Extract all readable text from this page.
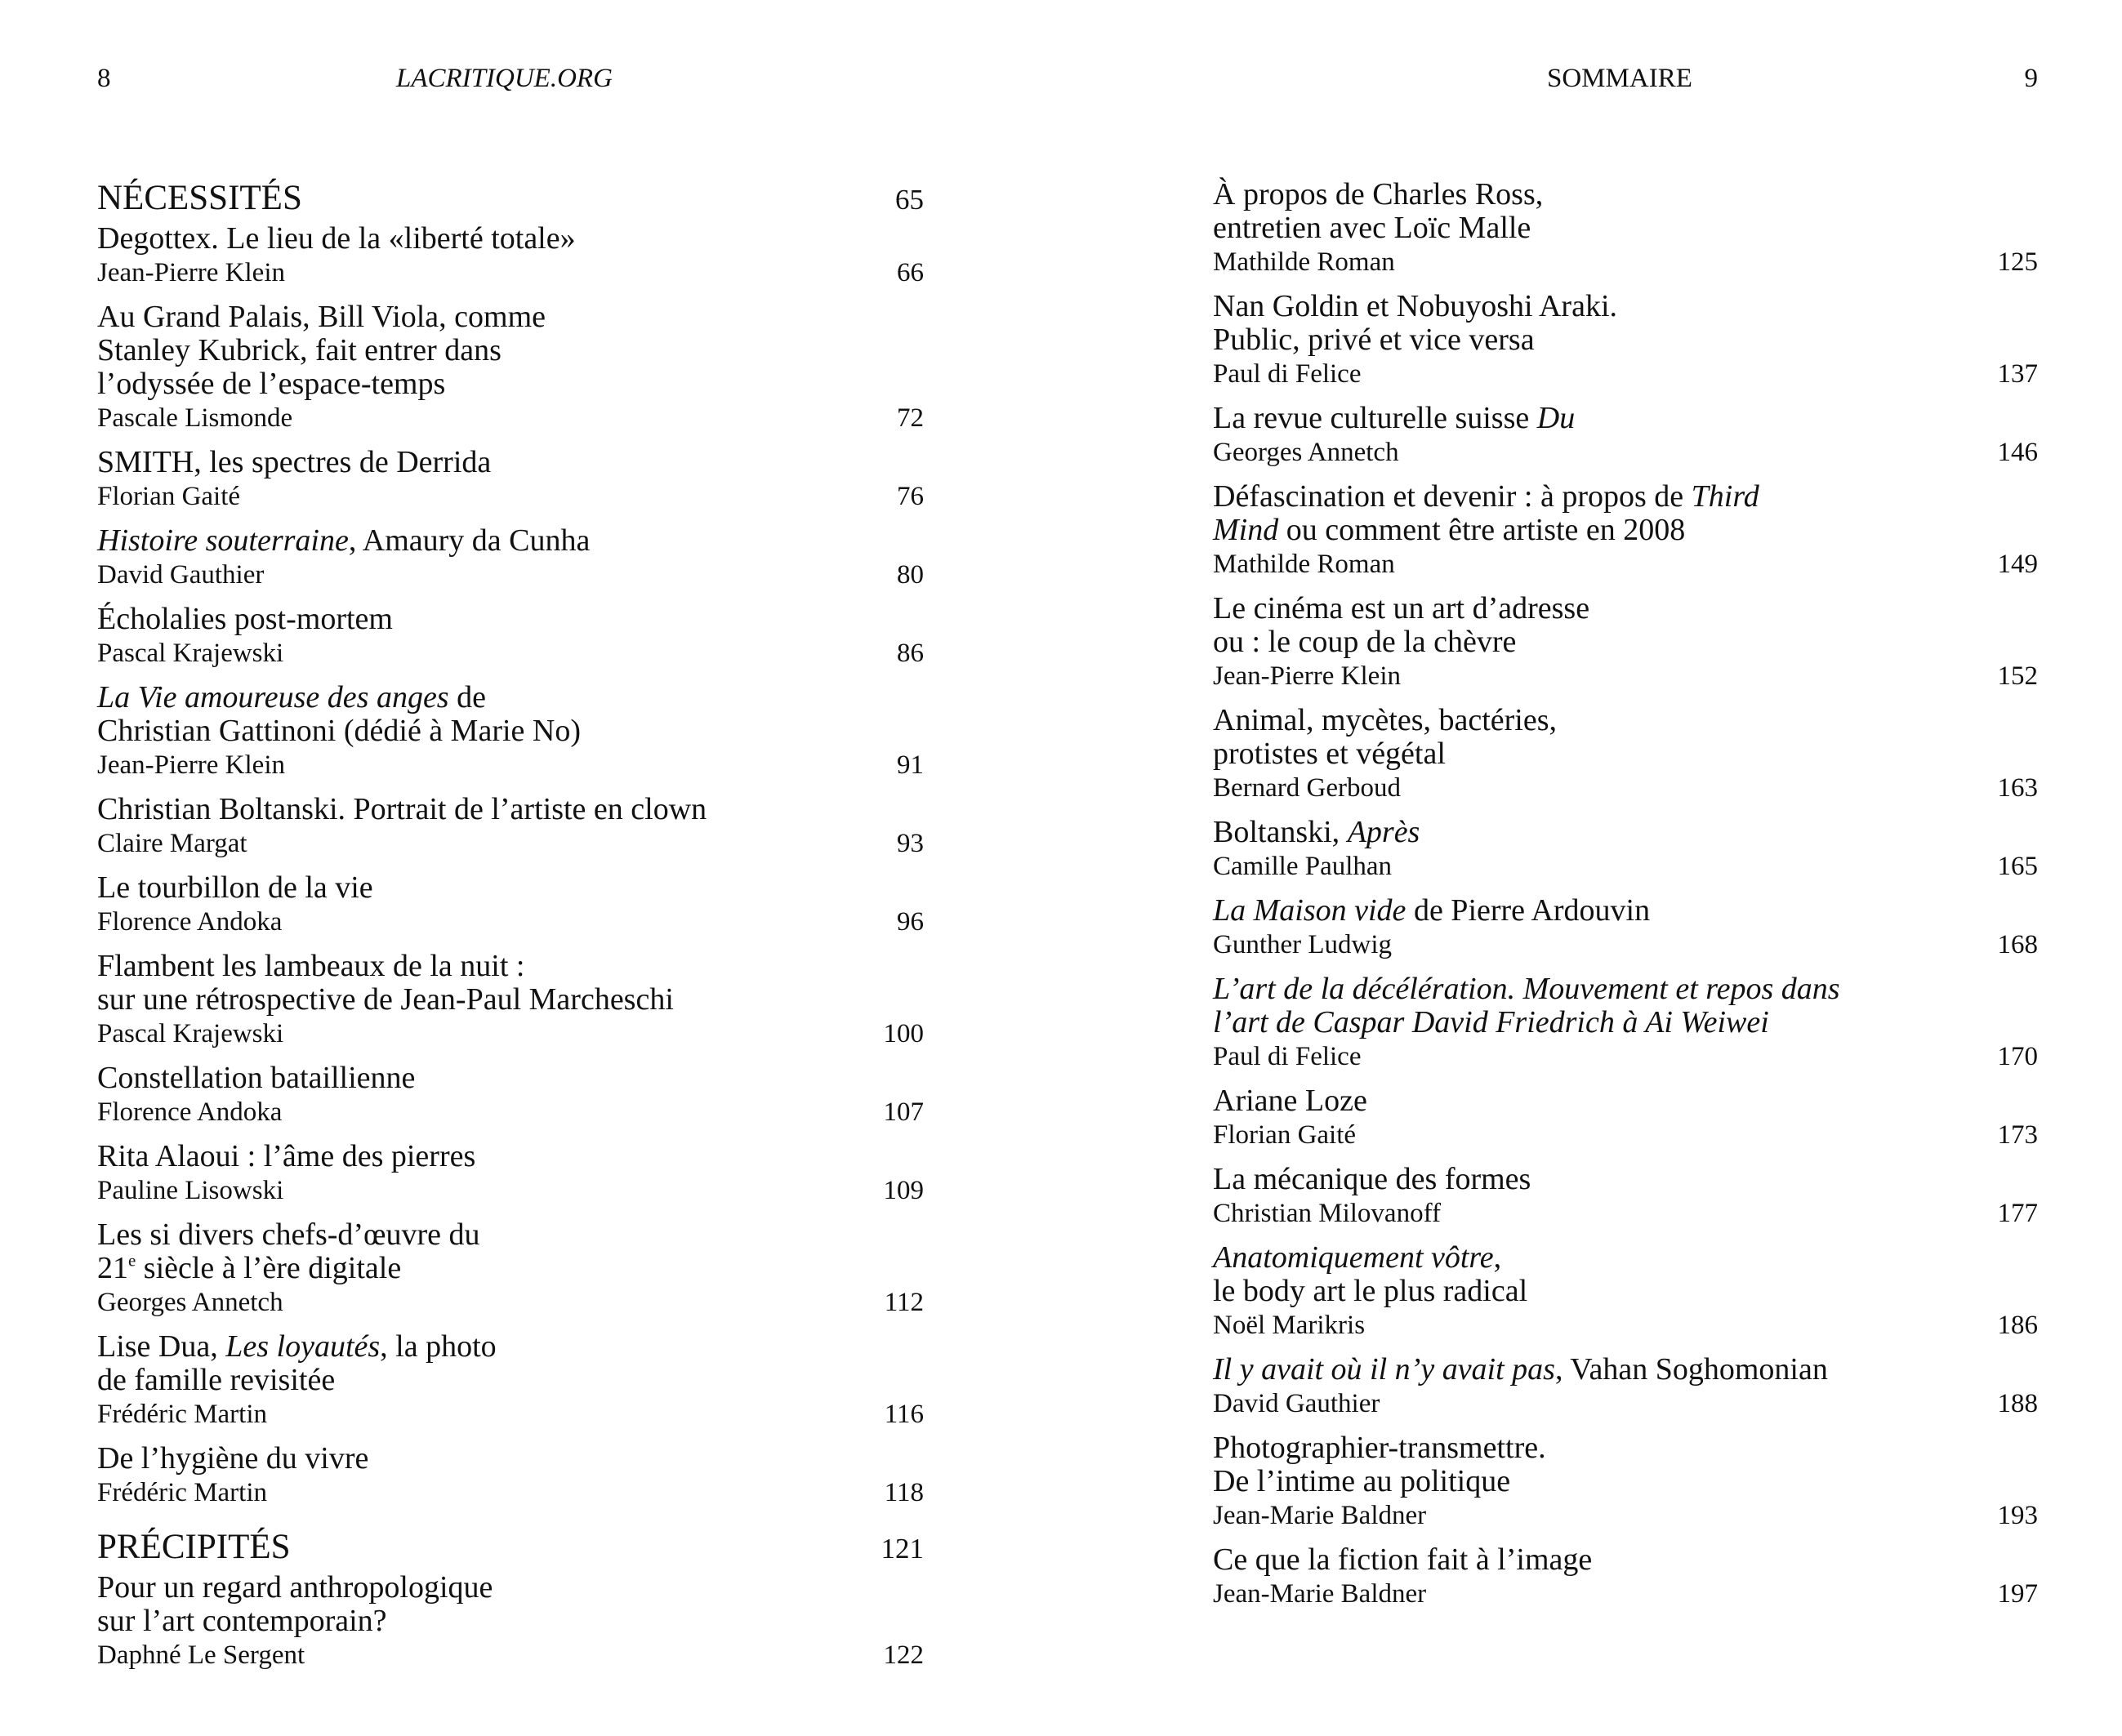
8	LACRITIQUE.ORG	SOMMAIRE	9
NÉCESSITÉS	65
Degottex. Le lieu de la «liberté totale»
Jean-Pierre Klein	66
Au Grand Palais, Bill Viola, comme
Stanley Kubrick, fait entrer dans
l’odyssée de l’espace-temps
Pascale Lismonde	72
SMITH, les spectres de Derrida
Florian Gaité	76
Histoire souterraine, Amaury da Cunha
David Gauthier	80
Écholalies post-mortem
Pascal Krajewski	86
La Vie amoureuse des anges de
Christian Gattinoni (dédié à Marie No)
Jean-Pierre Klein	91
Christian Boltanski. Portrait de l’artiste en clown
Claire Margat	93
Le tourbillon de la vie
Florence Andoka	96
Flambent les lambeaux de la nuit :
sur une rétrospective de Jean-Paul Marcheschi
Pascal Krajewski	100
Constellation bataillienne
Florence Andoka	107
Rita Alaoui : l’âme des pierres
Pauline Lisowski	109
Les si divers chefs-d’œuvre du
21e siècle à l’ère digitale
Georges Annetch	112
Lise Dua, Les loyautés, la photo
de famille revisitée
Frédéric Martin	116
De l’hygiène du vivre
Frédéric Martin	118
PRÉCIPITÉS	121
Pour un regard anthropologique
sur l’art contemporain?
Daphné Le Sergent	122
À propos de Charles Ross,
entretien avec Loïc Malle
Mathilde Roman	125
Nan Goldin et Nobuyoshi Araki.
Public, privé et vice versa
Paul di Felice	137
La revue culturelle suisse Du
Georges Annetch	146
Défascination et devenir : à propos de Third
Mind ou comment être artiste en 2008
Mathilde Roman	149
Le cinéma est un art d’adresse
ou : le coup de la chèvre
Jean-Pierre Klein	152
Animal, mycètes, bactéries,
protistes et végétal
Bernard Gerboud	163
Boltanski, Après
Camille Paulhan	165
La Maison vide de Pierre Ardouvin
Gunther Ludwig	168
L’art de la décélération. Mouvement et repos dans
l’art de Caspar David Friedrich à Ai Weiwei
Paul di Felice	170
Ariane Loze
Florian Gaité	173
La mécanique des formes
Christian Milovanoff	177
Anatomiquement vôtre,
le body art le plus radical
Noël Marikris	186
Il y avait où il n’y avait pas, Vahan Soghomonian
David Gauthier	188
Photographier-transmettre.
De l’intime au politique
Jean-Marie Baldner	193
Ce que la fiction fait à l’image
Jean-Marie Baldner	197
